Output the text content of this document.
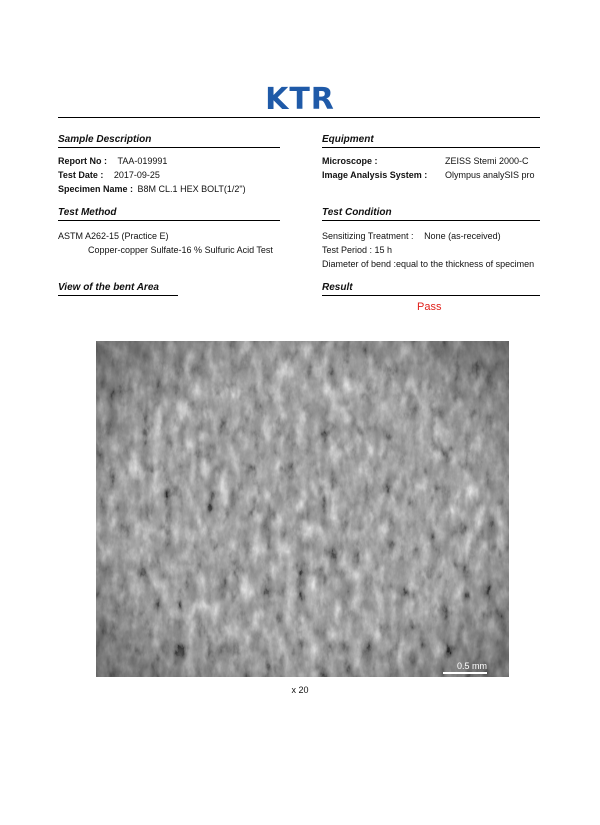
KTR
Sample Description
Report No : TAA-019991
Test Date : 2017-09-25
Specimen Name : B8M CL.1 HEX BOLT(1/2")
Equipment
Microscope :	ZEISS Stemi 2000-C
Image Analysis System : Olympus analySIS pro
Test Method
ASTM A262-15 (Practice E)
Copper-copper Sulfate-16 % Sulfuric Acid Test
Test Condition
Sensitizing Treatment : None (as-received)
Test Period : 15 h
Diameter of bend :equal to the thickness of specimen
View of the bent Area	Result
Pass
0.5 mm
x 20
